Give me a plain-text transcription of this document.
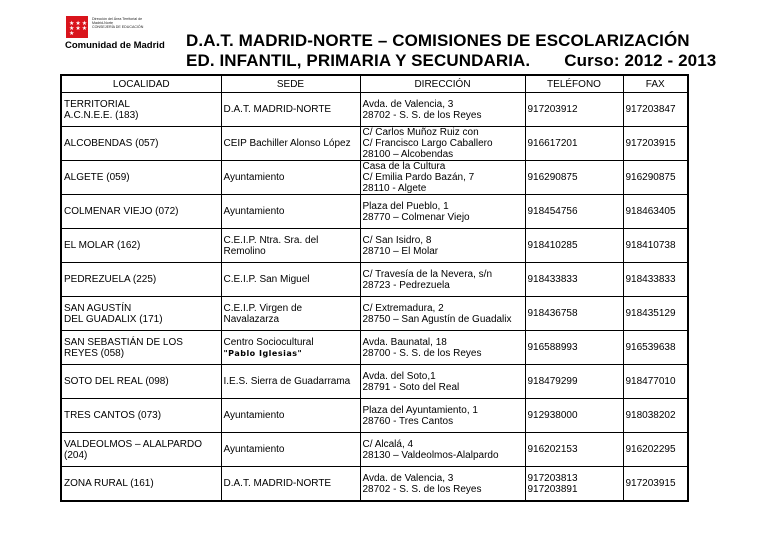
★★★
★★★
★
Dirección del Área Territorial de
Madrid-Norte
CONSEJERÍA DE EDUCACIÓN
Comunidad de Madrid D.A.T. MADRID-NORTE – COMISIONES DE ESCOLARIZACIÓN
ED. INFANTIL, PRIMARIA Y SECUNDARIA. Curso: 2012 - 2013
LOCALIDAD	SEDE	DIRECCIÓN	TELÉFONO	FAX

TERRITORIAL
A.C.N.E.E. (183)	D.A.T. MADRID-NORTE	Avda. de Valencia, 3
28702 - S. S. de los Reyes	917203912	917203847

ALCOBENDAS (057)	CEIP Bachiller Alonso López	C/ Carlos Muñoz Ruiz con
C/ Francisco Largo Caballero
28100 – Alcobendas	916617201	917203915

ALGETE (059)	Ayuntamiento	Casa de la Cultura
C/ Emilia Pardo Bazán, 7
28110 - Algete	916290875	916290875

COLMENAR VIEJO (072)	Ayuntamiento	Plaza del Pueblo, 1
28770 – Colmenar Viejo	918454756	918463405

EL MOLAR (162)	C.E.I.P. Ntra. Sra. del
Remolino	C/ San Isidro, 8
28710 – El Molar	918410285	918410738

PEDREZUELA (225)	C.E.I.P. San Miguel	C/ Travesía de la Nevera, s/n
28723 - Pedrezuela	918433833	918433833

SAN AGUSTÍN
DEL GUADALIX (171)	C.E.I.P. Virgen de
Navalazarza	C/ Extremadura, 2
28750 – San Agustín de Guadalix	918436758	918435129

SAN SEBASTIÁN DE LOS
REYES (058)	Centro Sociocultural
"Pablo Iglesias"	Avda. Baunatal, 18
28700 - S. S. de los Reyes	916588993	916539638

SOTO DEL REAL (098)	I.E.S. Sierra de Guadarrama	Avda. del Soto,1
28791 - Soto del Real	918479299	918477010

TRES CANTOS (073)	Ayuntamiento	Plaza del Ayuntamiento, 1
28760 - Tres Cantos	912938000	918038202

VALDEOLMOS – ALALPARDO
(204)	Ayuntamiento	C/ Alcalá, 4
28130 – Valdeolmos-Alalpardo	916202153	916202295

ZONA RURAL (161)	D.A.T. MADRID-NORTE	Avda. de Valencia, 3
28702 - S. S. de los Reyes	917203813
917203891	917203915
